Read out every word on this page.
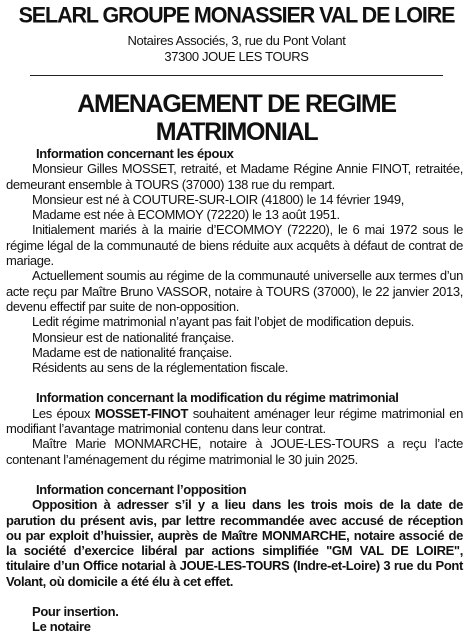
SELARL GROUPE MONASSIER VAL DE LOIRE
Notaires Associés, 3, rue du Pont Volant
37300 JOUE LES TOURS
AMENAGEMENT DE REGIME MATRIMONIAL

Information concernant les époux

Monsieur Gilles MOSSET, retraité, et Madame Régine Annie FINOT, retraitée, demeurant ensemble à TOURS (37000) 138 rue du rempart.

Monsieur est né à COUTURE-SUR-LOIR (41800) le 14 février 1949,

Madame est née à ECOMMOY (72220) le 13 août 1951.

Initialement mariés à la mairie d’ECOMMOY (72220), le 6 mai 1972 sous le régime légal de la communauté de biens réduite aux acquêts à défaut de contrat de mariage.

Actuellement soumis au régime de la communauté universelle aux termes d’un acte reçu par Maître Bruno VASSOR, notaire à TOURS (37000), le 22 janvier 2013, devenu effectif par suite de non-opposition.

Ledit régime matrimonial n’ayant pas fait l’objet de modification depuis.

Monsieur est de nationalité française.

Madame est de nationalité française.

Résidents au sens de la réglementation fiscale.

Information concernant la modification du régime matrimonial

Les époux MOSSET-FINOT souhaitent aménager leur régime matrimonial en modifiant l’avantage matrimonial contenu dans leur contrat.

Maître Marie MONMARCHE, notaire à JOUE-LES-TOURS a reçu l’acte contenant l’aménagement du régime matrimonial le 30 juin 2025.

Information concernant l’opposition

Opposition à adresser s’il y a lieu dans les trois mois de la date de parution du présent avis, par lettre recommandée avec accusé de réception ou par exploit d’huissier, auprès de Maître MONMARCHE, notaire associé de la société d’exercice libéral par actions simplifiée "GM VAL DE LOIRE", titulaire d’un Office notarial à JOUE-LES-TOURS (Indre-et-Loire) 3 rue du Pont Volant, où domicile a été élu à cet effet.

Pour insertion.

Le notaire
